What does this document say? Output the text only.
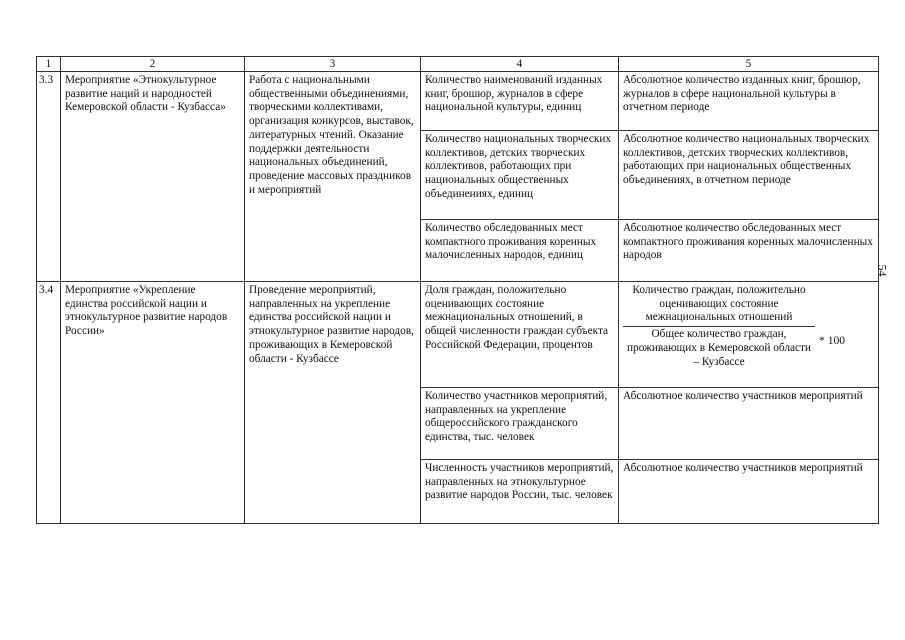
1	2	3	4	5
3.3	Мероприятие «Этнокультурное развитие наций и народностей Кемеровской области - Кузбасса»	Работа с национальными общественными объединениями, творческими коллективами, организация конкурсов, выставок, литературных чтений. Оказание поддержки деятельности национальных объединений, проведение массовых праздников и мероприятий	Количество наименований изданных книг, брошюр, журналов в сфере национальной культуры, единиц	Абсолютное количество изданных книг, брошюр, журналов в сфере национальной культуры в отчетном периоде
			Количество национальных творческих коллективов, детских творческих коллективов, работающих при национальных общественных объединениях, единиц	Абсолютное количество национальных творческих коллективов, детских творческих коллективов, работающих при национальных общественных объединениях, в отчетном периоде
			Количество обследованных мест компактного проживания коренных малочисленных народов, единиц	Абсолютное количество обследованных мест компактного проживания коренных малочисленных народов
3.4	Мероприятие «Укрепление единства российской нации и этнокультурное развитие народов России»	Проведение мероприятий, направленных на укрепление единства российской нации и этнокультурное развитие народов, проживающих в Кемеровской области - Кузбассе	Доля граждан, положительно оценивающих состояние межнациональных отношений, в общей численности граждан субъекта Российской Федерации, процентов	Количество граждан, положительно оценивающих состояние межнациональных отношений
Общее количество граждан, проживающих в Кемеровской области – Кузбассе
* 100

			Количество участников мероприятий, направленных на укрепление общероссийского гражданского единства, тыс. человек	Абсолютное количество участников мероприятий
			Численность участников мероприятий, направленных на этнокультурное развитие народов России, тыс. человек	Абсолютное количество участников мероприятий
54
